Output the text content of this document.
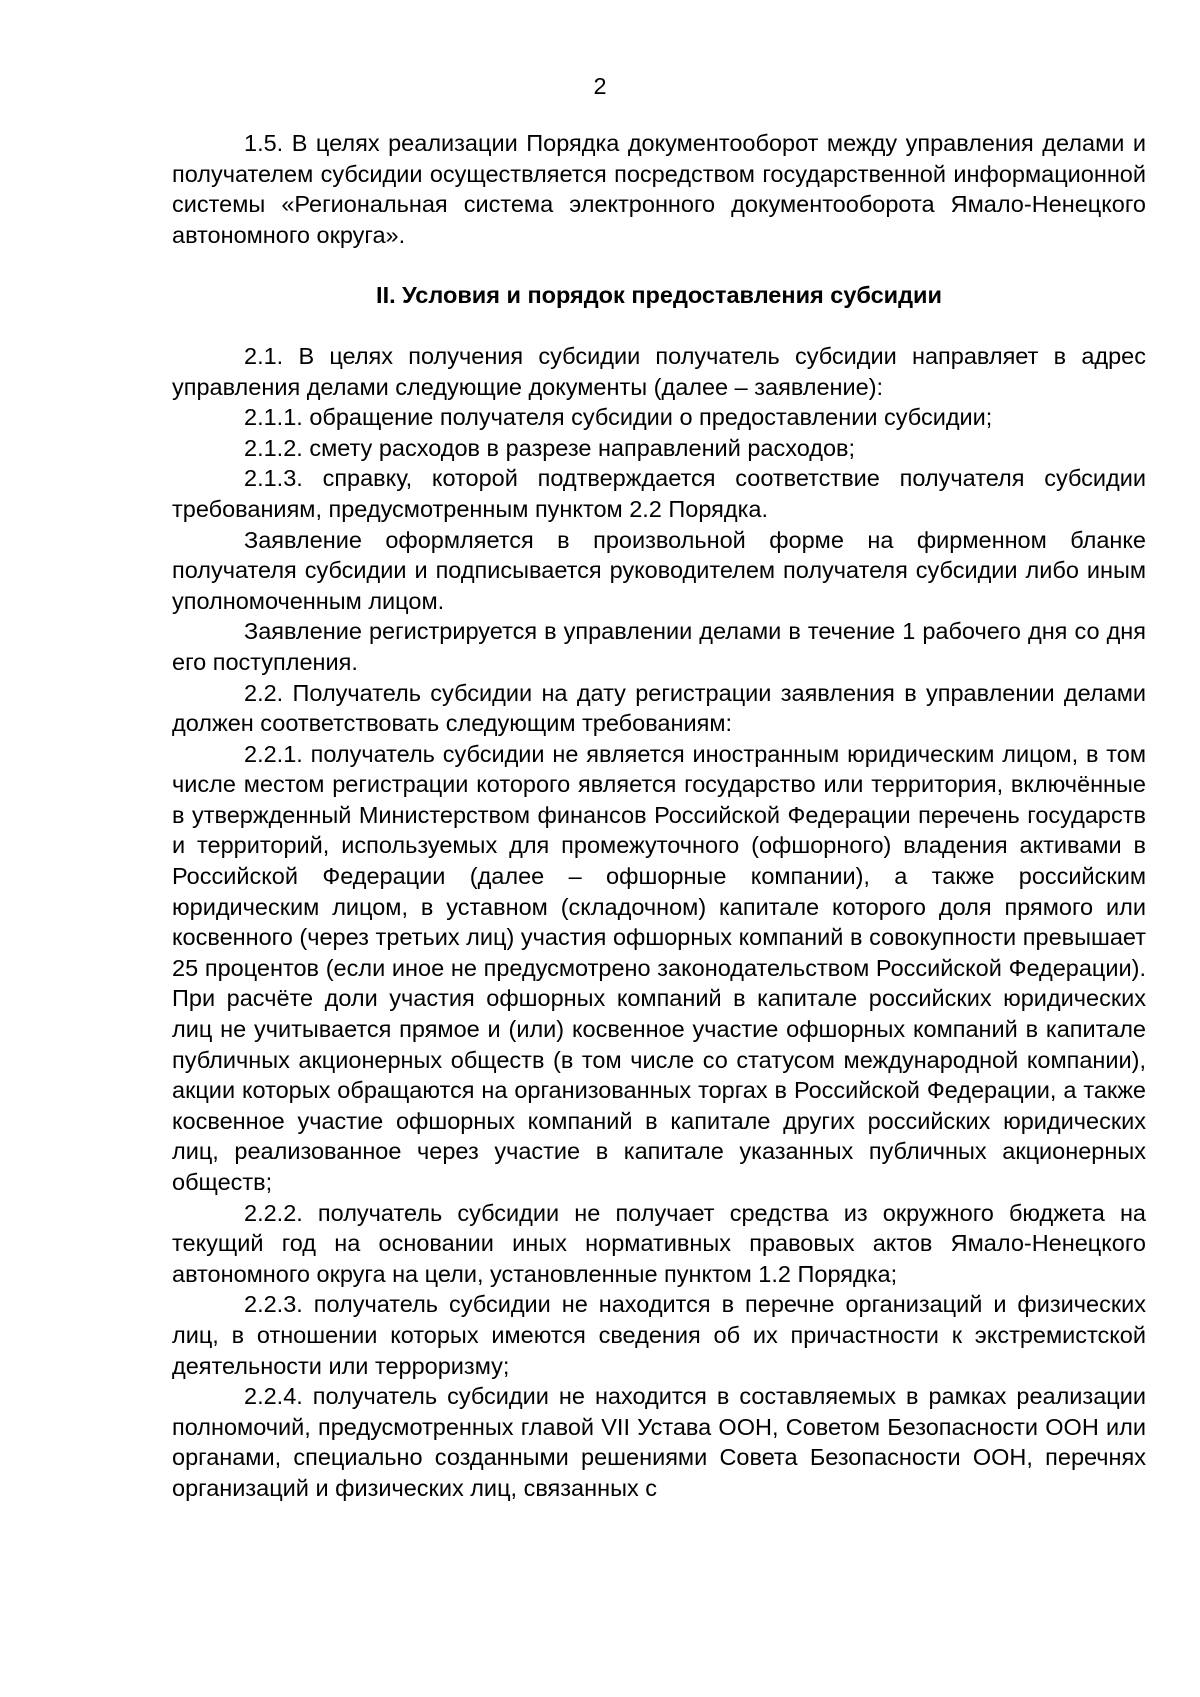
2

1.5. В целях реализации Порядка документооборот между управления делами и получателем субсидии осуществляется посредством государственной информационной системы «Региональная система электронного документооборота Ямало-Ненецкого автономного округа».

II. Условия и порядок предоставления субсидии

2.1. В целях получения субсидии получатель субсидии направляет в адрес управления делами следующие документы (далее – заявление):

2.1.1. обращение получателя субсидии о предоставлении субсидии;

2.1.2. смету расходов в разрезе направлений расходов;

2.1.3. справку, которой подтверждается соответствие получателя субсидии требованиям, предусмотренным пунктом 2.2 Порядка.

Заявление оформляется в произвольной форме на фирменном бланке получателя субсидии и подписывается руководителем получателя субсидии либо иным уполномоченным лицом.

Заявление регистрируется в управлении делами в течение 1 рабочего дня со дня его поступления.

2.2. Получатель субсидии на дату регистрации заявления в управлении делами должен соответствовать следующим требованиям:

2.2.1. получатель субсидии не является иностранным юридическим лицом, в том числе местом регистрации которого является государство или территория, включённые в утвержденный Министерством финансов Российской Федерации перечень государств и территорий, используемых для промежуточного (офшорного) владения активами в Российской Федерации (далее – офшорные компании), а также российским юридическим лицом, в уставном (складочном) капитале которого доля прямого или косвенного (через третьих лиц) участия офшорных компаний в совокупности превышает 25 процентов (если иное не предусмотрено законодательством Российской Федерации). При расчёте доли участия офшорных компаний в капитале российских юридических лиц не учитывается прямое и (или) косвенное участие офшорных компаний в капитале публичных акционерных обществ (в том числе со статусом международной компании), акции которых обращаются на организованных торгах в Российской Федерации, а также косвенное участие офшорных компаний в капитале других российских юридических лиц, реализованное через участие в капитале указанных публичных акционерных обществ;

2.2.2. получатель субсидии не получает средства из окружного бюджета на текущий год на основании иных нормативных правовых актов Ямало-Ненецкого автономного округа на цели, установленные пунктом 1.2 Порядка;

2.2.3. получатель субсидии не находится в перечне организаций и физических лиц, в отношении которых имеются сведения об их причастности к экстремистской деятельности или терроризму;

2.2.4. получатель субсидии не находится в составляемых в рамках реализации полномочий, предусмотренных главой VII Устава ООН, Советом Безопасности ООН или органами, специально созданными решениями Совета Безопасности ООН, перечнях организаций и физических лиц, связанных с
